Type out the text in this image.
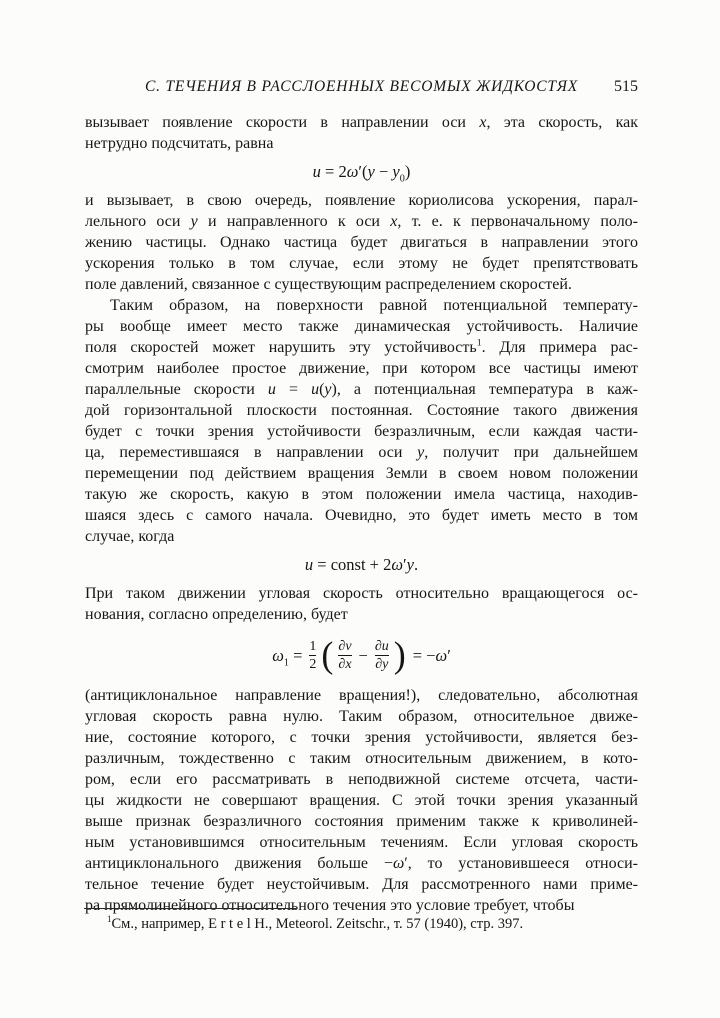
C. ТЕЧЕНИЯ В РАССЛОЕННЫХ ВЕСОМЫХ ЖИДКОСТЯХ 515
вызывает появление скорости в направлении оси x, эта скорость, как
нетрудно подсчитать, равна
$u = 2\omega'(y - y_0)$
и вызывает, в свою очередь, появление кориолисова ускорения, парал-
лельного оси y и направленного к оси x, т. е. к первоначальному поло-
жению частицы. Однако частица будет двигаться в направлении этого
ускорения только в том случае, если этому не будет препятствовать
поле давлений, связанное с существующим распределением скоростей.
Таким образом, на поверхности равной потенциальной температу-
ры вообще имеет место также динамическая устойчивость. Наличие
поля скоростей может нарушить эту устойчивость$^1$. Для примера рас-
смотрим наиболее простое движение, при котором все частицы имеют
параллельные скорости u = u(y), а потенциальная температура в каж-
дой горизонтальной плоскости постоянная. Состояние такого движения
будет с точки зрения устойчивости безразличным, если каждая части-
ца, переместившаяся в направлении оси y, получит при дальнейшем
перемещении под действием вращения Земли в своем новом положении
такую же скорость, какую в этом положении имела частица, находив-
шаяся здесь с самого начала. Очевидно, это будет иметь место в том
случае, когда
u = const + 2ω′y.
При таком движении угловая скорость относительно вращающегося ос-
нования, согласно определению, будет
$\omega_1 = \frac{1}{2}$ ( $\frac{\partial v}{\partial x} - \frac{\partial u}{\partial y}$ ) = −ω′
(антициклональное направление вращения!), следовательно, абсолютная
угловая скорость равна нулю. Таким образом, относительное движе-
ние, состояние которого, с точки зрения устойчивости, является без-
различным, тождественно с таким относительным движением, в кото-
ром, если его рассматривать в неподвижной системе отсчета, части-
цы жидкости не совершают вращения. С этой точки зрения указанный
выше признак безразличного состояния применим также к криволиней-
ным установившимся относительным течениям. Если угловая скорость
антициклонального движения больше −ω′, то установившееся относи-
тельное течение будет неустойчивым. Для рассмотренного нами приме-
ра прямолинейного относительного течения это условие требует, чтобы
$^1$См., например, E r t e l H., Meteorol. Zeitschr., т. 57 (1940), стр. 397.
